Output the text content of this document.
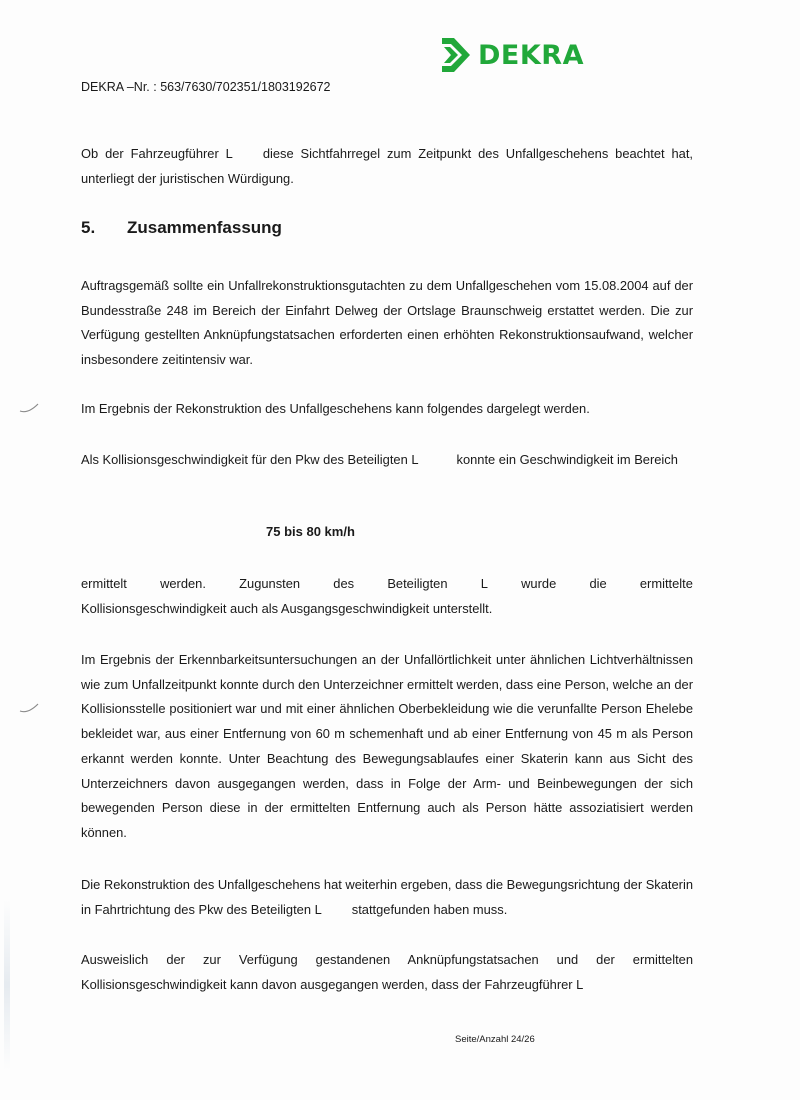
DEKRA
DEKRA –Nr. : 563/7630/702351/1803192672

Ob der Fahrzeugführer L diese Sichtfahrregel zum Zeitpunkt des Unfallgeschehens beachtet hat, unterliegt der juristischen Würdigung.

5.	Zusammenfassung

Auftragsgemäß sollte ein Unfallrekonstruktionsgutachten zu dem Unfallgeschehen vom 15.08.2004 auf der Bundesstraße 248 im Bereich der Einfahrt Delweg der Ortslage Braunschweig erstattet werden. Die zur Verfügung gestellten Anknüpfungstatsachen erforderten einen erhöhten Rekonstruktionsaufwand, welcher insbesondere zeitintensiv war.

Im Ergebnis der Rekonstruktion des Unfallgeschehens kann folgendes dargelegt werden.

Als Kollisionsgeschwindigkeit für den Pkw des Beteiligten L	konnte ein Geschwindigkeit im Bereich

75 bis 80 km/h
ermittelt	werden.	Zugunsten	des	Beteiligten	L	wurde	die	ermittelte

Kollisionsgeschwindigkeit auch als Ausgangsgeschwindigkeit unterstellt.

Im Ergebnis der Erkennbarkeitsuntersuchungen an der Unfallörtlichkeit unter ähnlichen Lichtverhältnissen wie zum Unfallzeitpunkt konnte durch den Unterzeichner ermittelt werden, dass eine Person, welche an der Kollisionsstelle positioniert war und mit einer ähnlichen Oberbekleidung wie die verunfallte Person Ehelebe bekleidet war, aus einer Entfernung von 60 m schemenhaft und ab einer Entfernung von 45 m als Person erkannt werden konnte. Unter Beachtung des Bewegungsablaufes einer Skaterin kann aus Sicht des Unterzeichners davon ausgegangen werden, dass in Folge der Arm- und Beinbewegungen der sich bewegenden Person diese in der ermittelten Entfernung auch als Person hätte assoziatisiert werden können.

Die Rekonstruktion des Unfallgeschehens hat weiterhin ergeben, dass die Bewegungsrichtung der Skaterin in Fahrtrichtung des Pkw des Beteiligten L stattgefunden haben muss.

Ausweislich der zur Verfügung gestandenen Anknüpfungstatsachen und der ermittelten Kollisionsgeschwindigkeit kann davon ausgegangen werden, dass der Fahrzeugführer L

Seite/Anzahl 24/26
